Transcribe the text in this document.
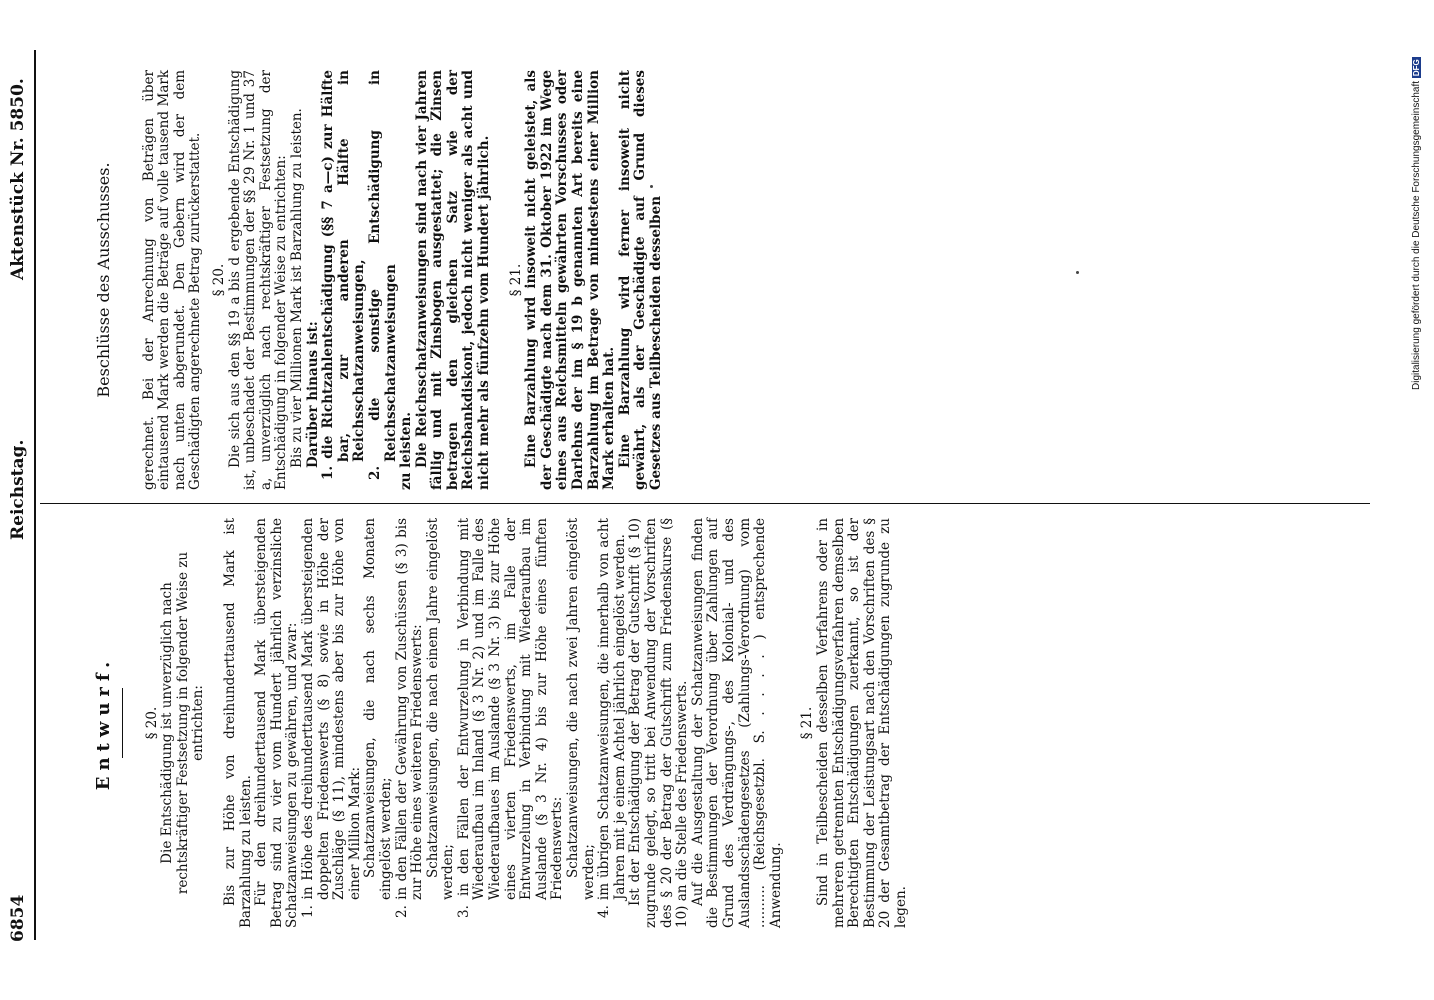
6854
Reichstag.
Aktenstück Nr. 5850.

Entwurf. § 20. Die Entschädigung ist unverzüglich nach rechtskräftiger Festsetzung in folgender Weise zu entrichten: Bis zur Höhe von dreihunderttausend Mark ist Barzahlung zu leisten. Für den dreihunderttausend Mark übersteigenden Betrag sind zu vier vom Hundert jährlich verzinsliche Schatzanweisungen zu gewähren, und zwar: 1. in Höhe des dreihunderttausend Mark übersteigenden doppelten Friedenswerts (§ 8) sowie in Höhe der Zuschläge (§ 11), mindestens aber bis zur Höhe von einer Million Mark: Schatzanweisungen, die nach sechs Monaten eingelöst werden; 2. in den Fällen der Gewährung von Zuschüssen (§ 3) bis zur Höhe eines weiteren Friedenswerts: Schatzanweisungen, die nach einem Jahre eingelöst werden; 3. in den Fällen der Entwurzelung in Verbindung mit Wiederaufbau im Inland (§ 3 Nr. 2) und im Falle des Wiederaufbaues im Auslande (§ 3 Nr. 3) bis zur Höhe eines vierten Friedenswerts, im Falle der Entwurzelung in Verbindung mit Wiederaufbau im Auslande (§ 3 Nr. 4) bis zur Höhe eines fünften Friedenswerts: Schatzanweisungen, die nach zwei Jahren eingelöst werden; 4. im übrigen Schatzanweisungen, die innerhalb von acht Jahren mit je einem Achtel jährlich eingelöst werden. Ist der Entschädigung der Betrag der Gutschrift (§ 10) zugrunde gelegt, so tritt bei Anwendung der Vorschriften des § 20 der Betrag der Gutschrift zum Friedenskurse (§ 10) an die Stelle des Friedenswerts. Auf die Ausgestaltung der Schatzanweisungen finden die Bestimmungen der Verordnung über Zahlungen auf Grund des Verdrängungs-, des Kolonial- und des Auslandsschädengesetzes (Zahlungs-Verordnung) vom .......... (Reichsgesetzbl. S. . . . . ) entsprechende Anwendung.

§ 21. Sind in Teilbescheiden desselben Verfahrens oder in mehreren getrennten Entschädigungsverfahren demselben Berechtigten Entschädigungen zuerkannt, so ist der Bestimmung der Leistungsart nach den Vorschriften des § 20 der Gesamtbetrag der Entschädigungen zugrunde zu legen.

Beschlüsse des Ausschusses. gerechnet. Bei der Anrechnung von Beträgen über eintausend Mark werden die Beträge auf volle tausend Mark nach unten abgerundet. Den Gebern wird der dem Geschädigten angerechnete Betrag zurückerstattet. § 20. Die sich aus den §§ 19 a bis d ergebende Entschädigung ist, unbeschadet der Bestimmungen der §§ 29 Nr. 1 und 37 a, unverzüglich nach rechtskräftiger Festsetzung der Entschädigung in folgender Weise zu entrichten: Bis zu vier Millionen Mark ist Barzahlung zu leisten. Darüber hinaus ist: 1. die Richtzahlentschädigung (§§ 7 a—c) zur Hälfte bar, zur anderen Hälfte in Reichsschatzanweisungen, 2. die sonstige Entschädigung in Reichsschatzanweisungen zu leisten. Die Reichsschatzanweisungen sind nach vier Jahren fällig und mit Zinsbogen ausgestattet; die Zinsen betragen den gleichen Satz wie der Reichsbankdiskont, jedoch nicht weniger als acht und nicht mehr als fünfzehn vom Hundert jährlich. § 21. Eine Barzahlung wird insoweit nicht geleistet, als der Geschädigte nach dem 31. Oktober 1922 im Wege eines aus Reichsmitteln gewährten Vorschusses oder Darlehns der im § 19 b genannten Art bereits eine Barzahlung im Betrage von mindestens einer Million Mark erhalten hat. Eine Barzahlung wird ferner insoweit nicht gewährt, als der Geschädigte auf Grund dieses Gesetzes aus Teilbescheiden desselben	Digitalisierung gefördert durch die Deutsche Forschungsgemeinschaft DFG
